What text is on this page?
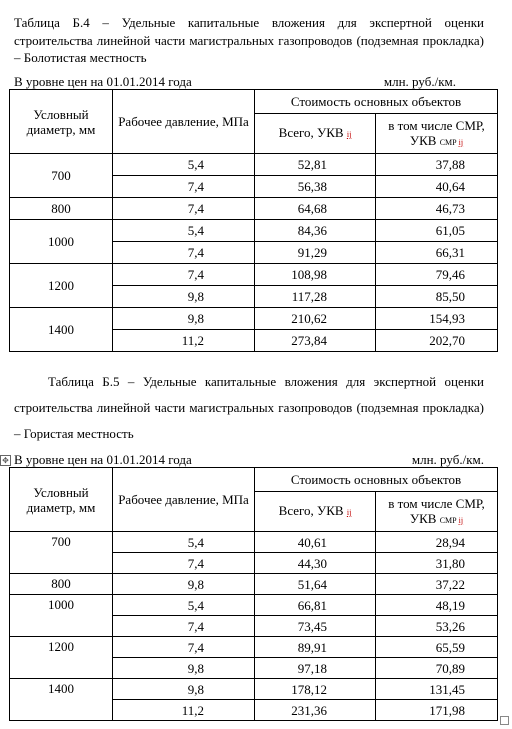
Таблица Б.4 – Удельные капитальные вложения для экспертной оценки строительства линейной части магистральных газопроводов (подземная прокладка) – Болотистая местность
В уровне цен на 01.01.2014 года	млн. руб./км.
Условный диаметр, мм	Рабочее давление, МПа	Стоимость основных объектов	
		Всего, УКВ ij	в том числе СМР, УКВ СМР ij
700	5,4	52,81	37,88
	7,4	56,38	40,64
800	7,4	64,68	46,73
1000	5,4	84,36	61,05
	7,4	91,29	66,31
1200	7,4	108,98	79,46
	9,8	117,28	85,50
1400	9,8	210,62	154,93
	11,2	273,84	202,70
Таблица Б.5 – Удельные капитальные вложения для экспертной оценки строительства линейной части магистральных газопроводов (подземная прокладка) – Гористая местность
✥ В уровне цен на 01.01.2014 года	млн. руб./км.
Условный диаметр, мм	Рабочее давление, МПа	Стоимость основных объектов	
		Всего, УКВ ij	в том числе СМР, УКВ СМР ij
700	5,4	40,61	28,94
	7,4	44,30	31,80
800	9,8	51,64	37,22
1000	5,4	66,81	48,19
	7,4	73,45	53,26
1200	7,4	89,91	65,59
	9,8	97,18	70,89
1400	9,8	178,12	131,45
	11,2	231,36	171,98
